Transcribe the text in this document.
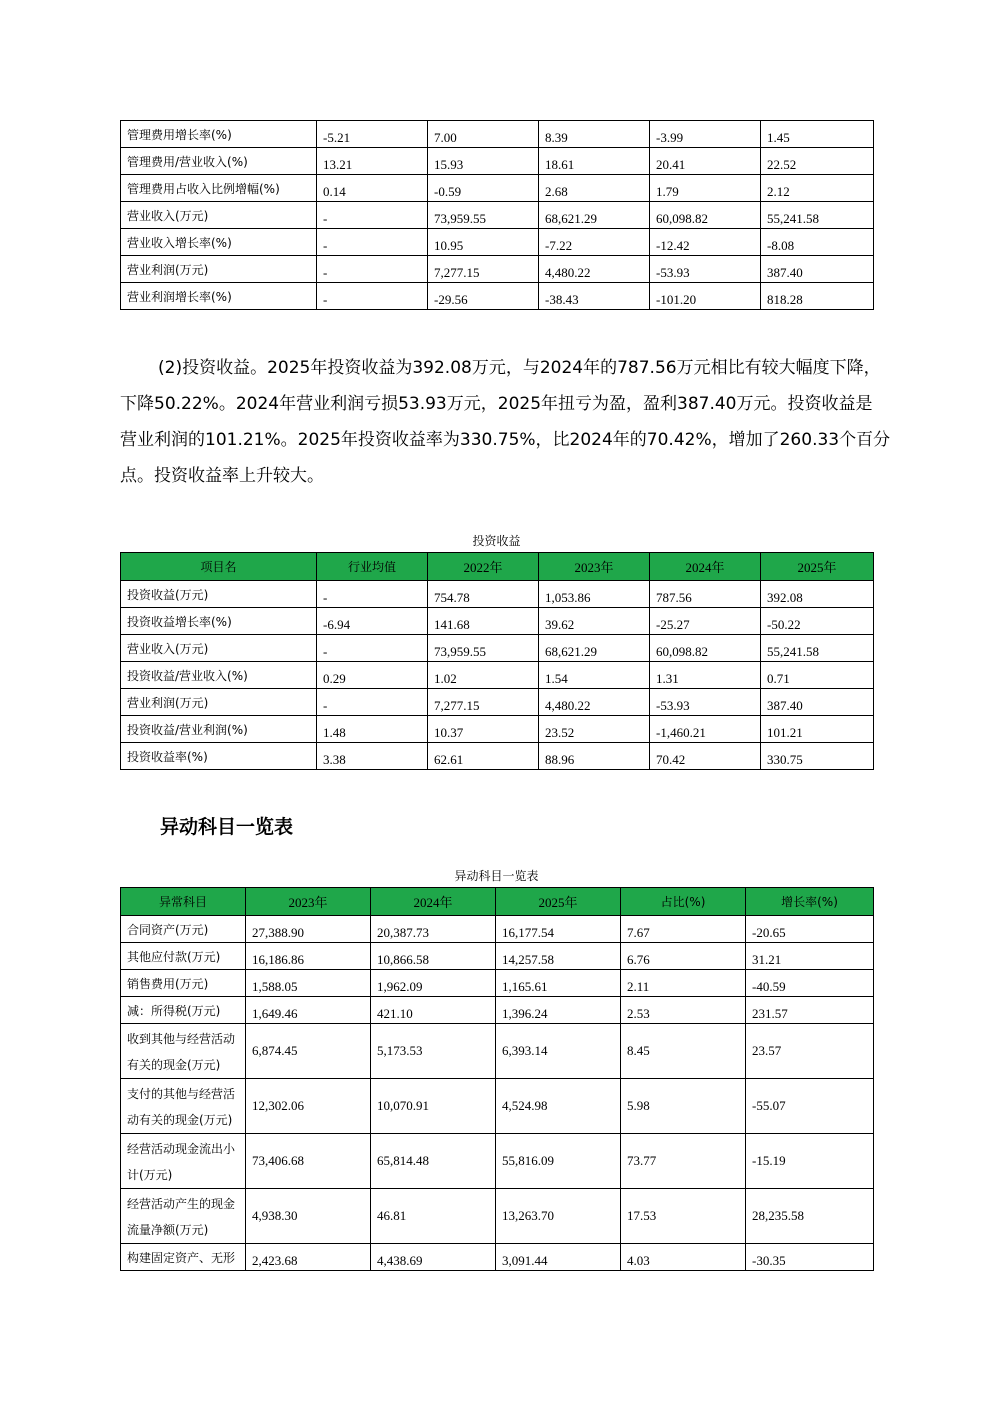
管理费用增长率(%)	-5.21	7.00	8.39	-3.99	1.45
管理费用/营业收入(%)	13.21	15.93	18.61	20.41	22.52
管理费用占收入比例增幅(%)	0.14	-0.59	2.68	1.79	2.12
营业收入(万元)	-	73,959.55	68,621.29	60,098.82	55,241.58
营业收入增长率(%)	-	10.95	-7.22	-12.42	-8.08
营业利润(万元)	-	7,277.15	4,480.22	-53.93	387.40
营业利润增长率(%)	-	-29.56	-38.43	-101.20	818.28
(2)投资收益。2025年投资收益为392.08万元，与2024年的787.56万元相比有较大幅度下降，
下降50.22%。2024年营业利润亏损53.93万元，2025年扭亏为盈，盈利387.40万元。投资收益是
营业利润的101.21%。2025年投资收益率为330.75%，比2024年的70.42%，增加了260.33个百分
点。投资收益率上升较大。
投资收益
项目名	行业均值	2022年	2023年	2024年	2025年
投资收益(万元)	-	754.78	1,053.86	787.56	392.08
投资收益增长率(%)	-6.94	141.68	39.62	-25.27	-50.22
营业收入(万元)	-	73,959.55	68,621.29	60,098.82	55,241.58
投资收益/营业收入(%)	0.29	1.02	1.54	1.31	0.71
营业利润(万元)	-	7,277.15	4,480.22	-53.93	387.40
投资收益/营业利润(%)	1.48	10.37	23.52	-1,460.21	101.21
投资收益率(%)	3.38	62.61	88.96	70.42	330.75
异动科目一览表
异动科目一览表
异常科目	2023年	2024年	2025年	占比(%)	增长率(%)
合同资产(万元)	27,388.90	20,387.73	16,177.54	7.67	-20.65
其他应付款(万元)	16,186.86	10,866.58	14,257.58	6.76	31.21
销售费用(万元)	1,588.05	1,962.09	1,165.61	2.11	-40.59
减：所得税(万元)	1,649.46	421.10	1,396.24	2.53	231.57
收到其他与经营活动有关的现金(万元)	6,874.45	5,173.53	6,393.14	8.45	23.57
支付的其他与经营活动有关的现金(万元)	12,302.06	10,070.91	4,524.98	5.98	-55.07
经营活动现金流出小计(万元)	73,406.68	65,814.48	55,816.09	73.77	-15.19
经营活动产生的现金流量净额(万元)	4,938.30	46.81	13,263.70	17.53	28,235.58
构建固定资产、无形	2,423.68	4,438.69	3,091.44	4.03	-30.35
